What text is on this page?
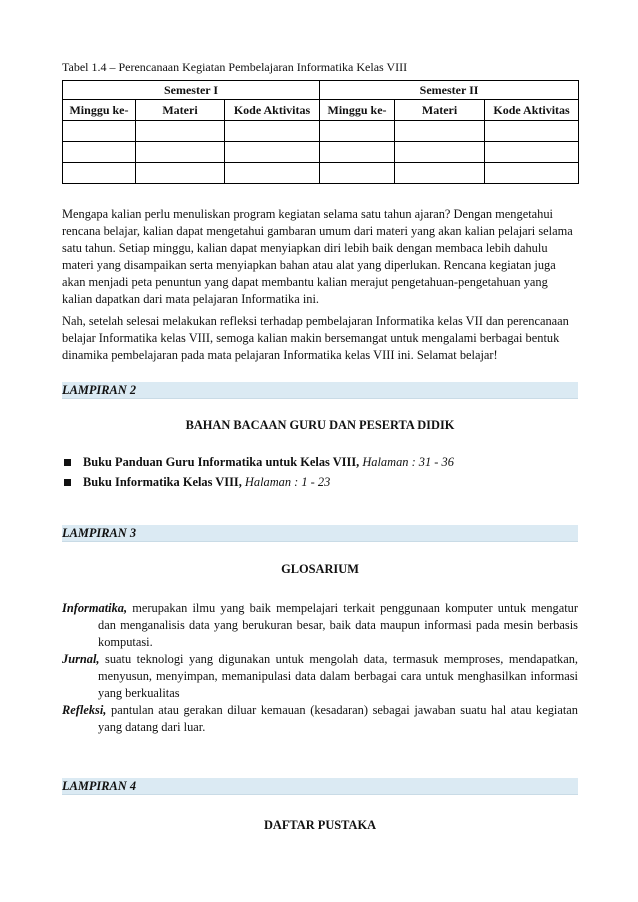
Tabel 1.4 – Perencanaan Kegiatan Pembelajaran Informatika Kelas VIII
Semester I			Semester II		
Minggu ke-	Materi	Kode Aktivitas	Minggu ke-	Materi	Kode Aktivitas

Mengapa kalian perlu menuliskan program kegiatan selama satu tahun ajaran? Dengan mengetahui rencana belajar, kalian dapat mengetahui gambaran umum dari materi yang akan kalian pelajari selama satu tahun. Setiap minggu, kalian dapat menyiapkan diri lebih baik dengan membaca lebih dahulu materi yang disampaikan serta menyiapkan bahan atau alat yang diperlukan. Rencana kegiatan juga akan menjadi peta penuntun yang dapat membantu kalian merajut pengetahuan-pengetahuan yang kalian dapatkan dari mata pelajaran Informatika ini.

Nah, setelah selesai melakukan refleksi terhadap pembelajaran Informatika kelas VII dan perencanaan belajar Informatika kelas VIII, semoga kalian makin bersemangat untuk mengalami berbagai bentuk dinamika pembelajaran pada mata pelajaran Informatika kelas VIII ini. Selamat belajar!

LAMPIRAN 2
BAHAN BACAAN GURU DAN PESERTA DIDIK
Buku Panduan Guru Informatika untuk Kelas VIII, Halaman : 31 - 36
Buku Informatika Kelas VIII, Halaman : 1 - 23
LAMPIRAN 3
GLOSARIUM

Informatika, merupakan ilmu yang baik mempelajari terkait penggunaan komputer untuk mengatur dan menganalisis data yang berukuran besar, baik data maupun informasi pada mesin berbasis komputasi.

Jurnal, suatu teknologi yang digunakan untuk mengolah data, termasuk memproses, mendapatkan, menyusun, menyimpan, memanipulasi data dalam berbagai cara untuk menghasilkan informasi yang berkualitas

Refleksi, pantulan atau gerakan diluar kemauan (kesadaran) sebagai jawaban suatu hal atau kegiatan yang datang dari luar.

LAMPIRAN 4
DAFTAR PUSTAKA
